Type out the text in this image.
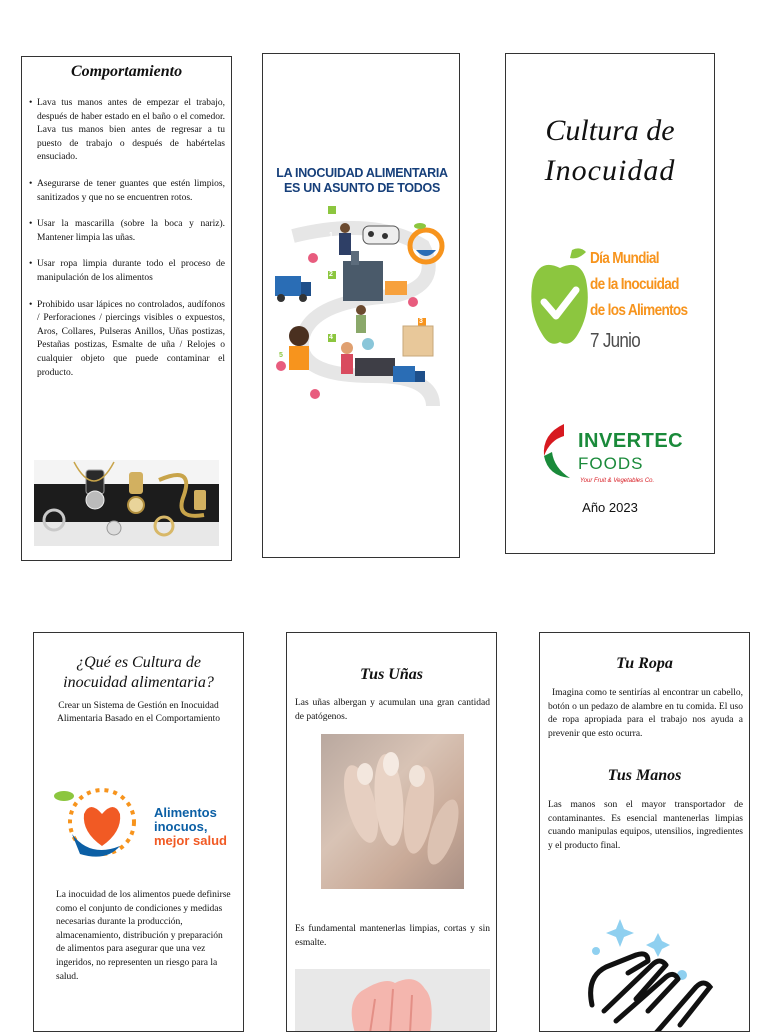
Comportamiento
• Lava tus manos antes de empezar el trabajo, después de haber estado en el baño o el comedor. Lava tus manos bien antes de regresar a tu puesto de trabajo o después de habértelas ensuciado.
• Asegurarse de tener guantes que estén limpios, sanitizados y que no se encuentren rotos.
• Usar la mascarilla (sobre la boca y nariz). Mantener limpia las uñas.
• Usar ropa limpia durante todo el proceso de manipulación de los alimentos
• Prohibido usar lápices no controlados, audífonos / Perforaciones / piercings visibles o expuestos, Aros, Collares, Pulseras Anillos, Uñas postizas, Pestañas postizas, Esmalte de uña / Relojes o cualquier objeto que puede contaminar el producto.
LA INOCUIDAD ALIMENTARIA
ES UN ASUNTO DE TODOS
1
2
3
4
5
Cultura de
Inocuidad
Día Mundial
de la Inocuidad
de los Alimentos
7 Junio
INVERTEC
FOODS
Your Fruit & Vegetables Co.
Año 2023
¿Qué es Cultura de
inocuidad alimentaria?
Crear un Sistema de Gestión en Inocuidad Alimentaria Basado en el Comportamiento
Alimentos
inocuos,
mejor salud
La inocuidad de los alimentos puede definirse como el conjunto de condiciones y medidas necesarias durante la producción, almacenamiento, distribución y preparación de alimentos para asegurar que una vez ingeridos, no representen un riesgo para la salud.
Tus Uñas
Las uñas albergan y acumulan una gran cantidad de patógenos.
Es fundamental mantenerlas limpias, cortas y sin esmalte.
Tu Ropa
Imagina como te sentirías al encontrar un cabello, botón o un pedazo de alambre en tu comida. El uso de ropa apropiada para el trabajo nos ayuda a prevenir que esto ocurra.
Tus Manos
Las manos son el mayor transportador de contaminantes. Es esencial mantenerlas limpias cuando manipulas equipos, utensilios, ingredientes y el producto final.
